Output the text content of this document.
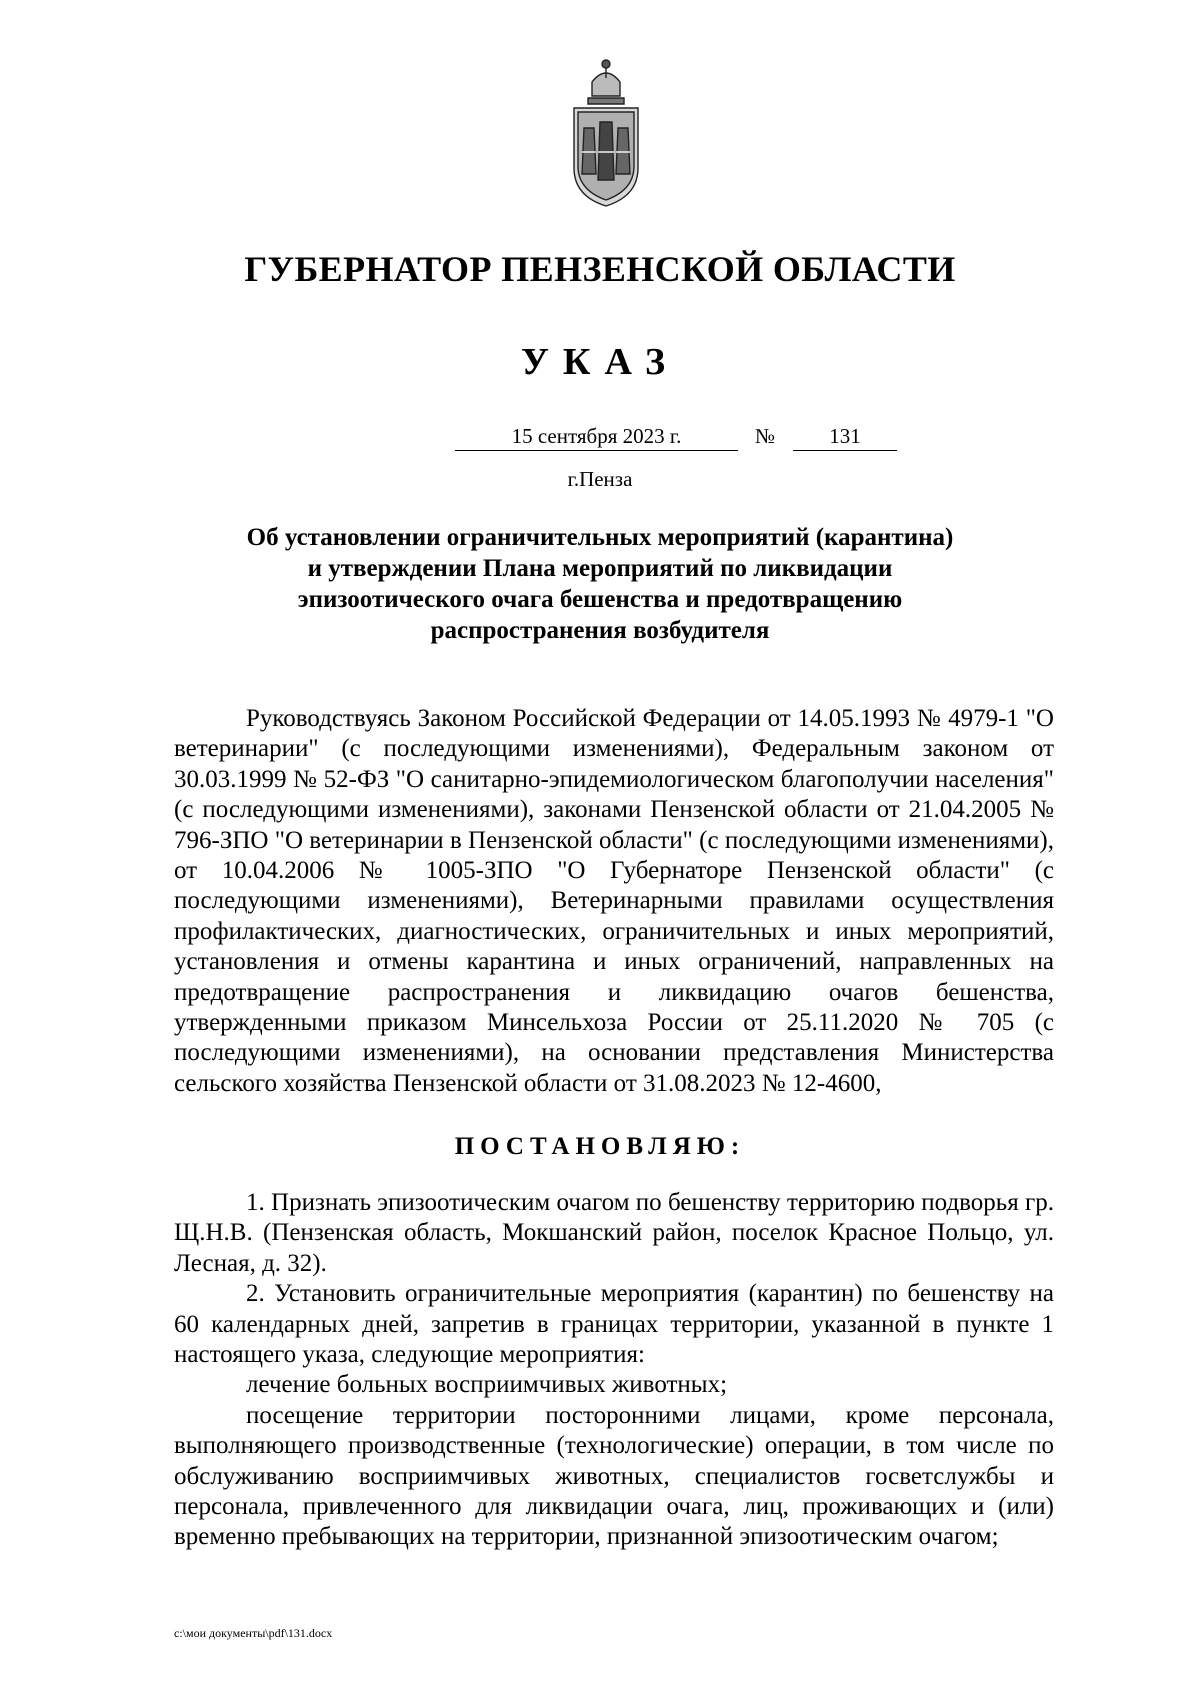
ГУБЕРНАТОР ПЕНЗЕНСКОЙ ОБЛАСТИ
УКАЗ
15 сентября 2023 г.	№	131
г.Пенза
Об установлении ограничительных мероприятий (карантина)
и утверждении Плана мероприятий по ликвидации
эпизоотического очага бешенства и предотвращению
распространения возбудителя

Руководствуясь Законом Российской Федерации от 14.05.1993 № 4979-1 "О ветеринарии" (с последующими изменениями), Федеральным законом от 30.03.1999 № 52-ФЗ "О санитарно-эпидемиологическом благополучии населения" (с последующими изменениями), законами Пензенской области от 21.04.2005 № 796-ЗПО "О ветеринарии в Пензенской области" (с последующими изменениями), от 10.04.2006 № 1005-ЗПО "О Губернаторе Пензенской области" (с последующими изменениями), Ветеринарными правилами осуществления профилактических, диагностических, ограничительных и иных мероприятий, установления и отмены карантина и иных ограничений, направленных на предотвращение распространения и ликвидацию очагов бешенства, утвержденными приказом Минсельхоза России от 25.11.2020 № 705 (с последующими изменениями), на основании представления Министерства сельского хозяйства Пензенской области от 31.08.2023 № 12-4600,

ПОСТАНОВЛЯЮ:

1. Признать эпизоотическим очагом по бешенству территорию подворья гр. Щ.Н.В. (Пензенская область, Мокшанский район, поселок Красное Польцо, ул. Лесная, д. 32).

2. Установить ограничительные мероприятия (карантин) по бешенству на 60 календарных дней, запретив в границах территории, указанной в пункте 1 настоящего указа, следующие мероприятия:

лечение больных восприимчивых животных;

посещение территории посторонними лицами, кроме персонала, выполняющего производственные (технологические) операции, в том числе по обслуживанию восприимчивых животных, специалистов госветслужбы и персонала, привлеченного для ликвидации очага, лиц, проживающих и (или) временно пребывающих на территории, признанной эпизоотическим очагом;

c:\мои документы\pdf\131.docx
